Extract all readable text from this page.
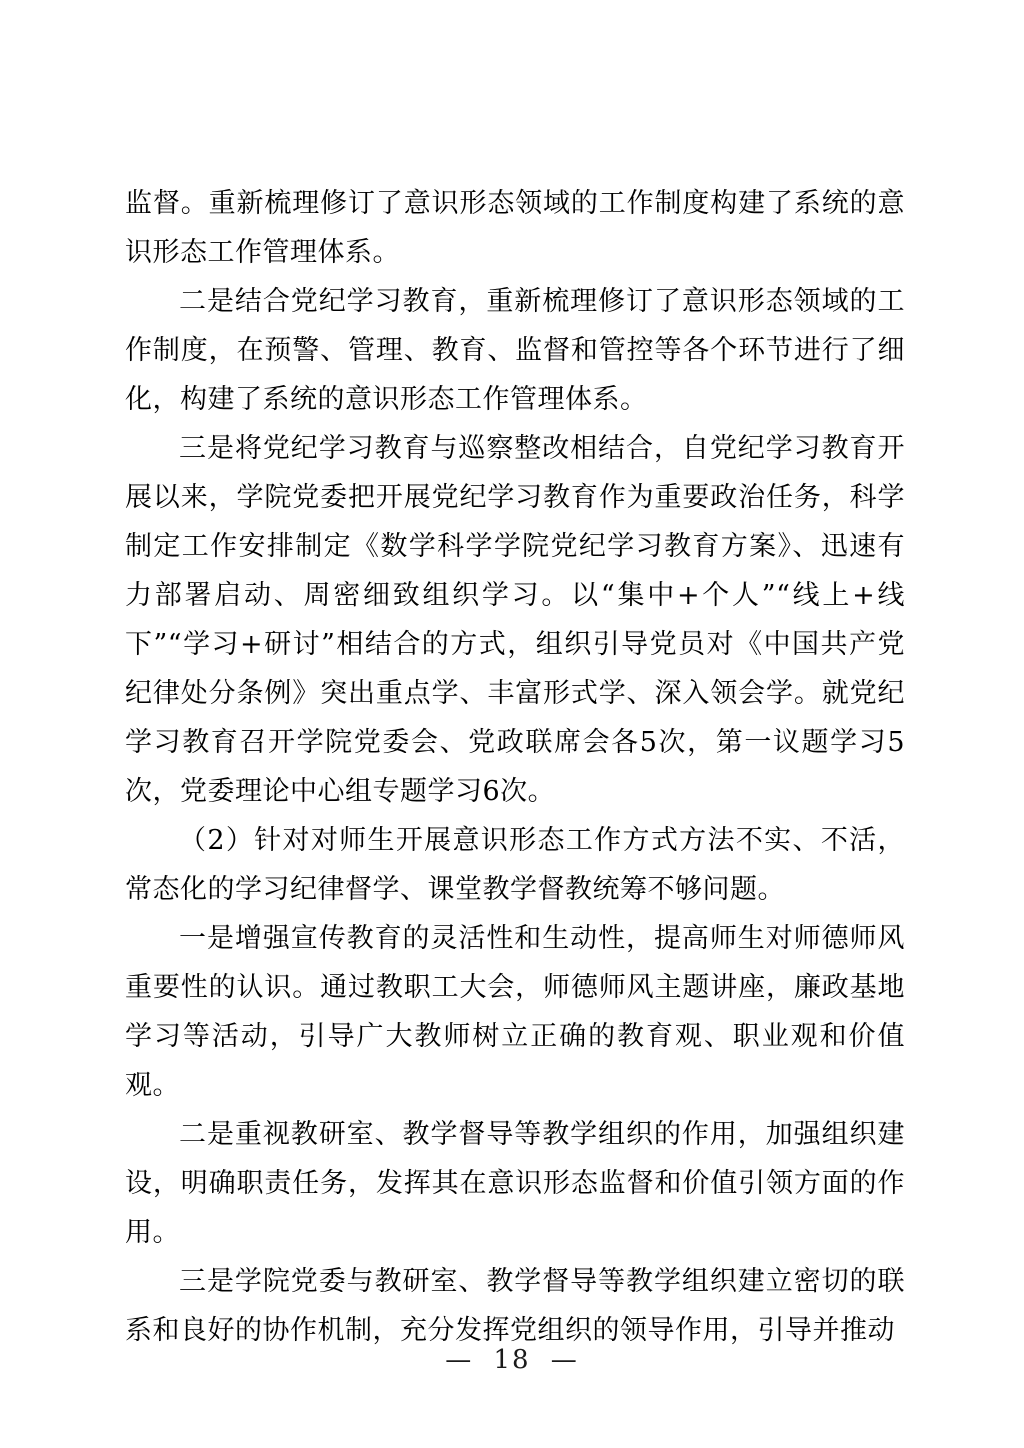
监督。重新梳理修订了意识形态领域的工作制度构建了系统的意识形态工作管理体系。

二是结合党纪学习教育，重新梳理修订了意识形态领域的工作制度，在预警、管理、教育、监督和管控等各个环节进行了细化，构建了系统的意识形态工作管理体系。

三是将党纪学习教育与巡察整改相结合，自党纪学习教育开展以来，学院党委把开展党纪学习教育作为重要政治任务，科学制定工作安排制定《数学科学学院党纪学习教育方案》、迅速有力部署启动、周密细致组织学习。以“集中+个人”“线上+线下”“学习+研讨”相结合的方式，组织引导党员对《中国共产党纪律处分条例》突出重点学、丰富形式学、深入领会学。就党纪学习教育召开学院党委会、党政联席会各5次，第一议题学习5次，党委理论中心组专题学习6次。

（2）针对对师生开展意识形态工作方式方法不实、不活，常态化的学习纪律督学、课堂教学督教统筹不够问题。

一是增强宣传教育的灵活性和生动性，提高师生对师德师风重要性的认识。通过教职工大会，师德师风主题讲座，廉政基地学习等活动，引导广大教师树立正确的教育观、职业观和价值观。

二是重视教研室、教学督导等教学组织的作用，加强组织建设，明确职责任务，发挥其在意识形态监督和价值引领方面的作用。

三是学院党委与教研室、教学督导等教学组织建立密切的联系和良好的协作机制，充分发挥党组织的领导作用，引导并推动

— 18 —
